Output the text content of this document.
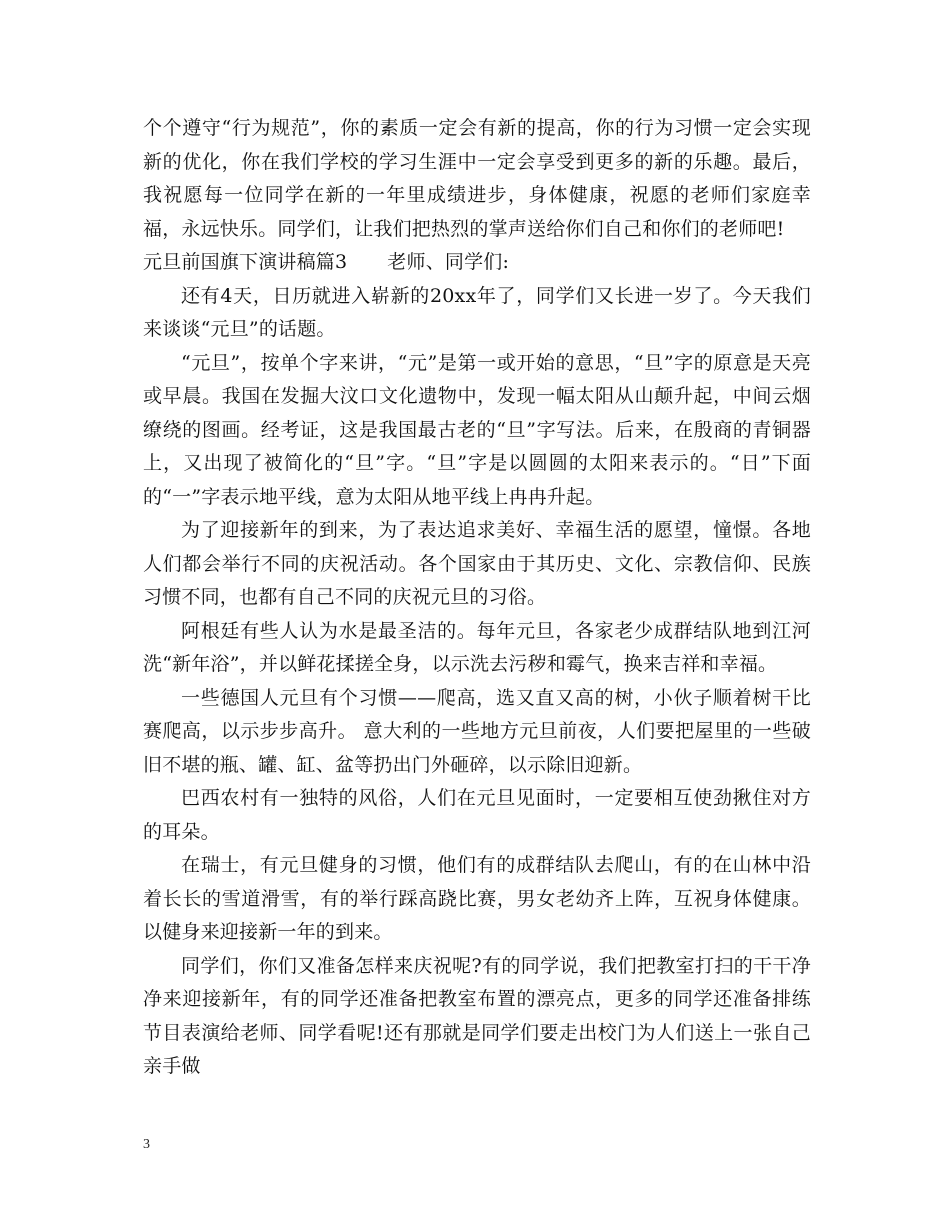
个个遵守“行为规范”，你的素质一定会有新的提高，你的行为习惯一定会实现新的优化，你在我们学校的学习生涯中一定会享受到更多的新的乐趣。最后，我祝愿每一位同学在新的一年里成绩进步，身体健康，祝愿的老师们家庭幸福，永远快乐。同学们，让我们把热烈的掌声送给你们自己和你们的老师吧!

元旦前国旗下演讲稿篇3 老师、同学们:

还有4天，日历就进入崭新的20xx年了，同学们又长进一岁了。今天我们来谈谈“元旦”的话题。

“元旦”，按单个字来讲，“元”是第一或开始的意思，“旦”字的原意是天亮或早晨。我国在发掘大汶口文化遗物中，发现一幅太阳从山颠升起，中间云烟缭绕的图画。经考证，这是我国最古老的“旦”字写法。后来，在殷商的青铜器上，又出现了被简化的“旦”字。“旦”字是以圆圆的太阳来表示的。“日”下面的“一”字表示地平线，意为太阳从地平线上冉冉升起。

为了迎接新年的到来，为了表达追求美好、幸福生活的愿望，憧憬。各地人们都会举行不同的庆祝活动。各个国家由于其历史、文化、宗教信仰、民族习惯不同，也都有自己不同的庆祝元旦的习俗。

阿根廷有些人认为水是最圣洁的。每年元旦，各家老少成群结队地到江河洗“新年浴”，并以鲜花揉搓全身，以示洗去污秽和霉气，换来吉祥和幸福。

一些德国人元旦有个习惯——爬高，选又直又高的树，小伙子顺着树干比赛爬高，以示步步高升。 意大利的一些地方元旦前夜，人们要把屋里的一些破旧不堪的瓶、罐、缸、盆等扔出门外砸碎，以示除旧迎新。

巴西农村有一独特的风俗，人们在元旦见面时，一定要相互使劲揪住对方的耳朵。

在瑞士，有元旦健身的习惯，他们有的成群结队去爬山，有的在山林中沿着长长的雪道滑雪，有的举行踩高跷比赛，男女老幼齐上阵，互祝身体健康。以健身来迎接新一年的到来。

同学们，你们又准备怎样来庆祝呢?有的同学说，我们把教室打扫的干干净净来迎接新年，有的同学还准备把教室布置的漂亮点，更多的同学还准备排练节目表演给老师、同学看呢!还有那就是同学们要走出校门为人们送上一张自己亲手做

3
